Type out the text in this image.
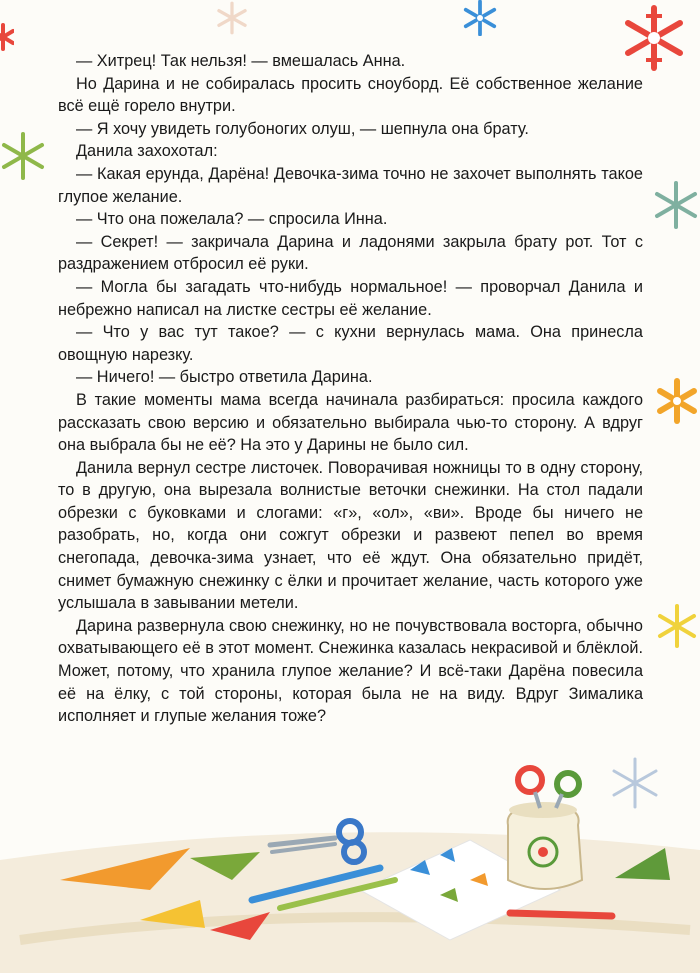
— Хитрец! Так нельзя! — вмешалась Анна.

Но Дарина и не собиралась просить сноуборд. Её собственное желание всё ещё горело внутри.

— Я хочу увидеть голубоногих олуш, — шепнула она брату.

Данила захохотал:

— Какая ерунда, Дарёна! Девочка-зима точно не захочет выполнять такое глупое желание.

— Что она пожелала? — спросила Инна.

— Секрет! — закричала Дарина и ладонями закрыла брату рот. Тот с раздражением отбросил её руки.

— Могла бы загадать что-нибудь нормальное! — проворчал Данила и небрежно написал на листке сестры её желание.

— Что у вас тут такое? — с кухни вернулась мама. Она принесла овощную нарезку.

— Ничего! — быстро ответила Дарина.

В такие моменты мама всегда начинала разбираться: просила каждого рассказать свою версию и обязательно выбирала чью-то сторону. А вдруг она выбрала бы не её? На это у Дарины не было сил.

Данила вернул сестре листочек. Поворачивая ножницы то в одну сторону, то в другую, она вырезала волнистые веточки снежинки. На стол падали обрезки с буковками и слогами: «г», «ол», «ви». Вроде бы ничего не разобрать, но, когда они сожгут обрезки и развеют пепел во время снегопада, девочка-зима узнает, что её ждут. Она обязательно придёт, снимет бумажную снежинку с ёлки и прочитает желание, часть которого уже услышала в завывании метели.

Дарина развернула свою снежинку, но не почувствовала восторга, обычно охватывающего её в этот момент. Снежинка казалась некрасивой и блёклой. Может, потому, что хранила глупое желание? И всё-таки Дарёна повесила её на ёлку, с той стороны, которая была не на виду. Вдруг Зималика исполняет и глупые желания тоже?
